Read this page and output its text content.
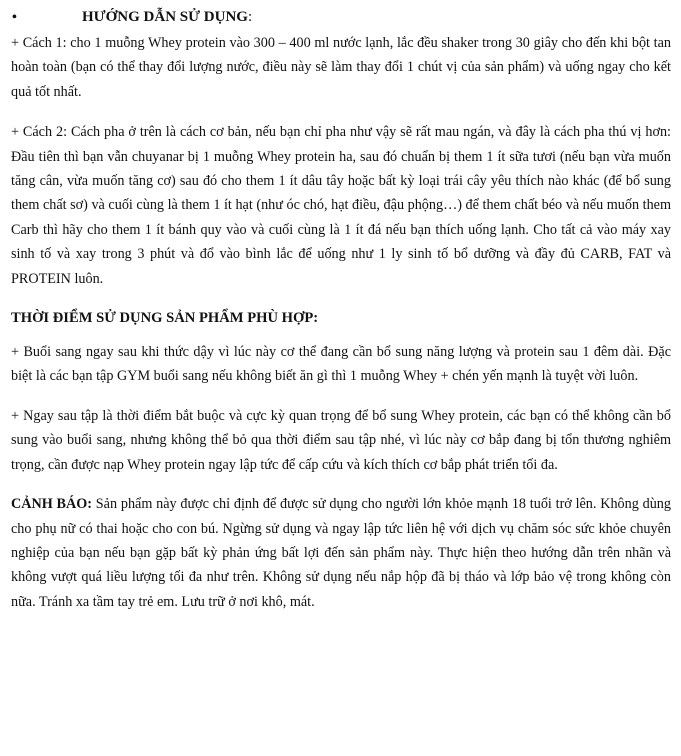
•	HƯỚNG DẪN SỬ DỤNG :

+ Cách 1: cho 1 muỗng Whey protein vào 300 – 400 ml nước lạnh, lắc đều shaker trong 30 giây cho đến khi bột tan hoàn toàn (bạn có thể thay đổi lượng nước, điều này sẽ làm thay đổi 1 chút vị của sản phẩm) và uống ngay cho kết quả tốt nhất.

+ Cách 2: Cách pha ở trên là cách cơ bản, nếu bạn chỉ pha như vậy sẽ rất mau ngán, và đây là cách pha thú vị hơn: Đầu tiên thì bạn vẫn chuyanar bị 1 muỗng Whey protein ha, sau đó chuẩn bị them 1 ít sữa tươi (nếu bạn vừa muốn tăng cân, vừa muốn tăng cơ) sau đó cho them 1 ít dâu tây hoặc bất kỳ loại trái cây yêu thích nào khác (để bổ sung them chất sơ) và cuối cùng là them 1 ít hạt (như óc chó, hạt điều, đậu phộng…) để them chất béo và nếu muốn them Carb thì hãy cho them 1 ít bánh quy vào và cuối cùng là 1 ít đá nếu bạn thích uống lạnh. Cho tất cả vào máy xay sinh tố và xay trong 3 phút và đổ vào bình lắc để uống như 1 ly sinh tố bổ dưỡng và đầy đủ CARB, FAT và PROTEIN luôn.

THỜI ĐIỂM SỬ DỤNG SẢN PHẨM PHÙ HỢP:

+ Buổi sang ngay sau khi thức dậy vì lúc này cơ thể đang cần bổ sung năng lượng và protein sau 1 đêm dài. Đặc biệt là các bạn tập GYM buổi sang nếu không biết ăn gì thì 1 muỗng Whey + chén yến mạnh là tuyệt vời luôn.

+ Ngay sau tập là thời điểm bắt buộc và cực kỳ quan trọng để bổ sung Whey protein, các bạn có thể không cần bổ sung vào buổi sang, nhưng không thể bỏ qua thời điểm sau tập nhé, vì lúc này cơ bắp đang bị tổn thương nghiêm trọng, cần được nạp Whey protein ngay lập tức để cấp cứu và kích thích cơ bắp phát triển tối đa.

CẢNH BÁO: Sản phẩm này được chỉ định để được sử dụng cho người lớn khỏe mạnh 18 tuổi trở lên. Không dùng cho phụ nữ có thai hoặc cho con bú. Ngừng sử dụng và ngay lập tức liên hệ với dịch vụ chăm sóc sức khỏe chuyên nghiệp của bạn nếu bạn gặp bất kỳ phản ứng bất lợi đến sản phẩm này. Thực hiện theo hướng dẫn trên nhãn và không vượt quá liều lượng tối đa như trên. Không sử dụng nếu nắp hộp đã bị tháo và lớp bảo vệ trong không còn nữa. Tránh xa tầm tay trẻ em. Lưu trữ ở nơi khô, mát.
